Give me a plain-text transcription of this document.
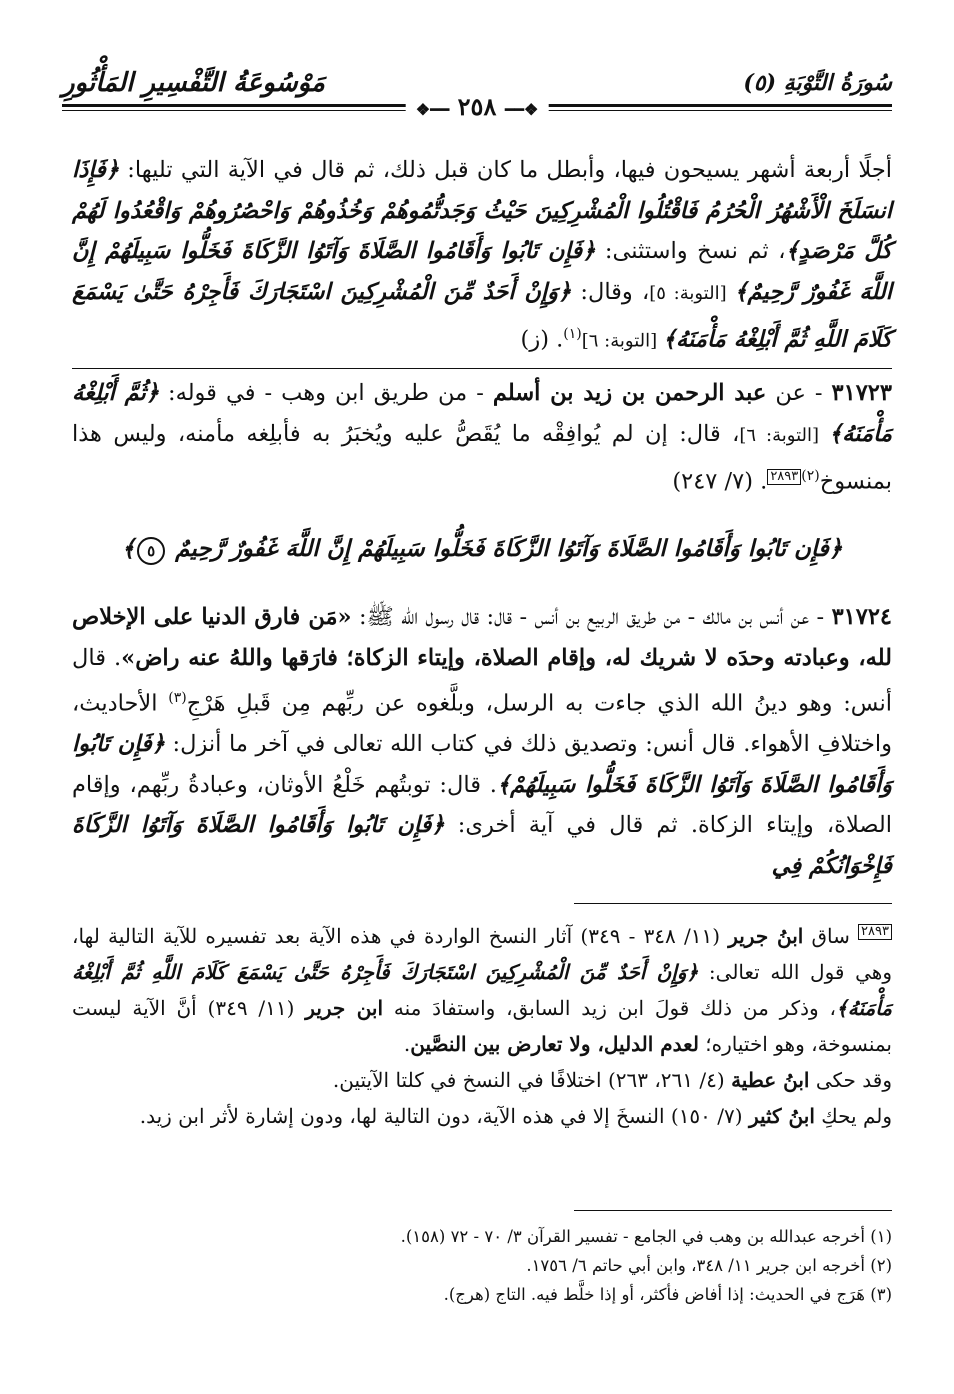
مَوْسُوعَةُ التَّفْسِيرِ المَأْثُورِ	سُورَةُ التَّوْبَةِ (٥)
❖━━ ٢٥٨ ━━❖

أجلًا أربعة أشهر يسيحون فيها، وأبطل ما كان قبل ذلك، ثم قال في الآية التي تليها: ﴿فَإِذَا انسَلَخَ الْأَشْهُرُ الْحُرُمُ فَاقْتُلُوا الْمُشْرِكِينَ حَيْثُ وَجَدتُّمُوهُمْ وَخُذُوهُمْ وَاحْصُرُوهُمْ وَاقْعُدُوا لَهُمْ كُلَّ مَرْصَدٍ﴾، ثم نسخ واستثنى: ﴿فَإِن تَابُوا وَأَقَامُوا الصَّلَاةَ وَآتَوُا الزَّكَاةَ فَخَلُّوا سَبِيلَهُمْ إِنَّ اللَّهَ غَفُورٌ رَّحِيمٌ﴾ [التوبة: ٥]، وقال: ﴿وَإِنْ أَحَدٌ مِّنَ الْمُشْرِكِينَ اسْتَجَارَكَ فَأَجِرْهُ حَتَّىٰ يَسْمَعَ كَلَامَ اللَّهِ ثُمَّ أَبْلِغْهُ مَأْمَنَهُ﴾ [التوبة: ٦]$^{(١)}$. (ز)

٣١٧٢٣ - عن عبد الرحمن بن زيد بن أسلم - من طريق ابن وهب - في قوله: ﴿ثُمَّ أَبْلِغْهُ مَأْمَنَهُ﴾ [التوبة: ٦]، قال: إن لم يُوافِقْه ما يُقَصُّ عليه ويُخبَرُ به فأبلِغه مأمنه، وليس هذا بمنسوخ$^{(٢)}$٢٨٩٣. (٧/ ٢٤٧)

﴿فَإِن تَابُوا وَأَقَامُوا الصَّلَاةَ وَآتَوُا الزَّكَاةَ فَخَلُّوا سَبِيلَهُمْ إِنَّ اللَّهَ غَفُورٌ رَّحِيمٌ ٥﴾

٣١٧٢٤ - عن أنس بن مالك - من طريق الربيع بن أنس - قال: قال رسول الله ﷺ: «مَن فارق الدنيا على الإخلاص لله، وعبادته وحدَه لا شريك له، وإقام الصلاة، وإيتاء الزكاة؛ فارَقها واللهُ عنه راض». قال أنس: وهو دينُ الله الذي جاءت به الرسل، وبلَّغوه عن ربِّهم مِن قَبلِ هَرْجِ$^{(٣)}$ الأحاديث، واختلافِ الأهواء. قال أنس: وتصديق ذلك في كتاب الله تعالى في آخر ما أنزل: ﴿فَإِن تَابُوا وَأَقَامُوا الصَّلَاةَ وَآتَوُا الزَّكَاةَ فَخَلُّوا سَبِيلَهُمْ﴾. قال: توبتُهم خَلْعُ الأوثان، وعبادةُ ربِّهم، وإقام الصلاة، وإيتاء الزكاة. ثم قال في آية أخرى: ﴿فَإِن تَابُوا وَأَقَامُوا الصَّلَاةَ وَآتَوُا الزَّكَاةَ فَإِخْوَانُكُمْ فِي

٢٨٩٣ ساق ابنُ جرير (١١/ ٣٤٨ - ٣٤٩) آثار النسخ الواردة في هذه الآية بعد تفسيره للآية التالية لها، وهي قول الله تعالى: ﴿وَإِنْ أَحَدٌ مِّنَ الْمُشْرِكِينَ اسْتَجَارَكَ فَأَجِرْهُ حَتَّىٰ يَسْمَعَ كَلَامَ اللَّهِ ثُمَّ أَبْلِغْهُ مَأْمَنَهُ﴾، وذكر من ذلك قولَ ابن زيد السابق، واستفادَ منه ابن جرير (١١/ ٣٤٩) أنَّ الآية ليست بمنسوخة، وهو اختياره؛ لعدم الدليل، ولا تعارض بين النصَّين.

وقد حكى ابنُ عطية (٤/ ٢٦١، ٢٦٣) اختلافًا في النسخ في كلتا الآيتين.

ولم يحكِ ابنُ كثير (٧/ ١٥٠) النسخَ إلا في هذه الآية، دون التالية لها، ودون إشارة لأثر ابن زيد.

(١) أخرجه عبدالله بن وهب في الجامع - تفسير القرآن ٣/ ٧٠ - ٧٢ (١٥٨).

(٢) أخرجه ابن جرير ١١/ ٣٤٨، وابن أبي حاتم ٦/ ١٧٥٦.

(٣) هَرَج في الحديث: إذا أفاض فأكثر، أو إذا خلَّط فيه. التاج (هرج).
